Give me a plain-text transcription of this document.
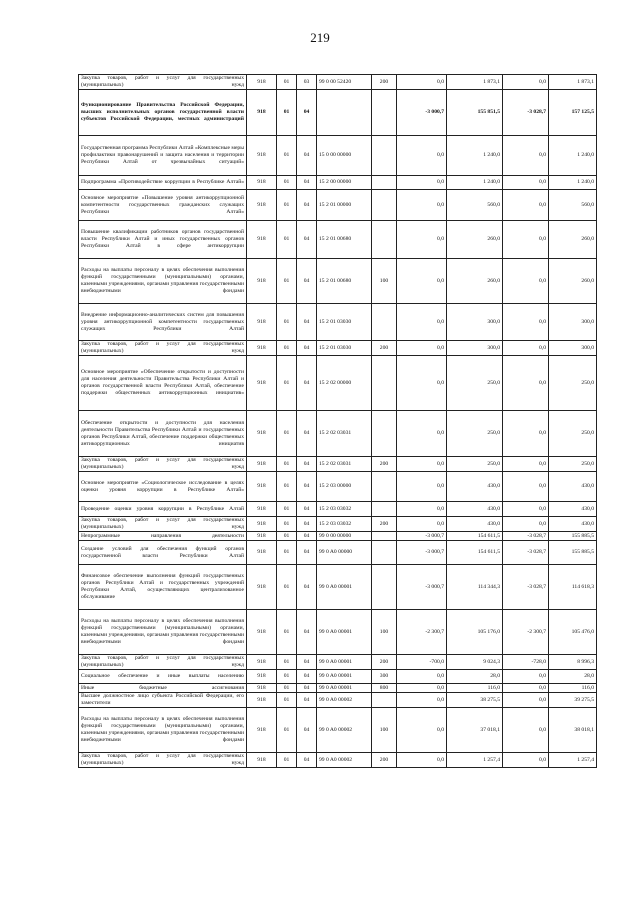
219
Закупка товаров, работ и услуг для государственных (муниципальных) нужд	918	01	03	99 0 00 52420	200	0,0	1 873,1	0,0	1 873,1
Функционирование Правительства Российской Федерации, высших исполнительных органов государственной власти субъектов Российской Федерации, местных администраций	918	01	04			-3 000,7	155 851,5	-3 028,7	157 125,5
Государственная программа Республики Алтай «Комплексные меры профилактики правонарушений и защита населения и территории Республики Алтай от чрезвычайных ситуаций»	918	01	04	15 0 00 00000		0,0	1 240,0	0,0	1 240,0
Подпрограмма «Противодействие коррупции в Республике Алтай»	918	01	04	15 2 00 00000		0,0	1 240,0	0,0	1 240,0
Основное мероприятие «Повышение уровня антикоррупционной компетентности государственных гражданских служащих Республики Алтай»	918	01	04	15 2 01 00000		0,0	560,0	0,0	560,0
Повышение квалификации работников органов государственной власти Республики Алтай и иных государственных органов Республики Алтай в сфере антикоррупции	918	01	04	15 2 01 00680		0,0	260,0	0,0	260,0
Расходы на выплаты персоналу в целях обеспечения выполнения функций государственными (муниципальными) органами, казенными учреждениями, органами управления государственными внебюджетными фондами	918	01	04	15 2 01 00680	100	0,0	260,0	0,0	260,0
Внедрение информационно-аналитических систем для повышения уровня антикоррупционной компетентности государственных служащих Республики Алтай	918	01	04	15 2 01 03030		0,0	300,0	0,0	300,0
Закупка товаров, работ и услуг для государственных (муниципальных) нужд	918	01	04	15 2 01 03030	200	0,0	300,0	0,0	300,0
Основное мероприятие «Обеспечение открытости и доступности для населения деятельности Правительства Республики Алтай и органов государственной власти Республики Алтай, обеспечение поддержки общественных антикоррупционных инициатив»	918	01	04	15 2 02 00000		0,0	250,0	0,0	250,0
Обеспечение открытости и доступности для населения деятельности Правительства Республики Алтай и государственных органов Республики Алтай, обеспечение поддержки общественных антикоррупционных инициатив	918	01	04	15 2 02 03031		0,0	250,0	0,0	250,0
Закупка товаров, работ и услуг для государственных (муниципальных) нужд	918	01	04	15 2 02 03031	200	0,0	250,0	0,0	250,0
Основное мероприятие «Социологическое исследование в целях оценки уровня коррупции в Республике Алтай»	918	01	04	15 2 03 00000		0,0	430,0	0,0	430,0
Проведение оценки уровня коррупции в Республике Алтай	918	01	04	15 2 03 03032		0,0	430,0	0,0	430,0
Закупка товаров, работ и услуг для государственных (муниципальных) нужд	918	01	04	15 2 03 03032	200	0,0	430,0	0,0	430,0
Непрограммные направления деятельности	918	01	04	99 0 00 00000		-3 000,7	154 611,5	-3 028,7	155 885,5
Создание условий для обеспечения функций органов государственной власти Республики Алтай	918	01	04	99 0 A0 00000		-3 000,7	154 611,5	-3 028,7	155 885,5
Финансовое обеспечение выполнения функций государственных органов Республики Алтай и государственных учреждений Республики Алтай, осуществляющих централизованное обслуживание	918	01	04	99 0 A0 00001		-3 000,7	114 344,3	-3 028,7	114 618,3
Расходы на выплаты персоналу в целях обеспечения выполнения функций государственными (муниципальными) органами, казенными учреждениями, органами управления государственными внебюджетными фондами	918	01	04	99 0 A0 00001	100	-2 300,7	105 176,0	-2 300,7	105 476,0
Закупка товаров, работ и услуг для государственных (муниципальных) нужд	918	01	04	99 0 A0 00001	200	-700,0	9 024,3	-728,0	8 996,3
Социальное обеспечение и иные выплаты населению	918	01	04	99 0 A0 00001	300	0,0	28,0	0,0	28,0
Иные бюджетные ассигнования	918	01	04	99 0 A0 00001	800	0,0	116,0	0,0	116,0
Высшее должностное лицо субъекта Российской Федерации, его заместители	918	01	04	99 0 A0 00002		0,0	38 275,5	0,0	39 275,5
Расходы на выплаты персоналу в целях обеспечения выполнения функций государственными (муниципальными) органами, казенными учреждениями, органами управления государственными внебюджетными фондами	918	01	04	99 0 A0 00002	100	0,0	37 018,1	0,0	38 018,1
Закупка товаров, работ и услуг для государственных (муниципальных) нужд	918	01	04	99 0 A0 00002	200	0,0	1 257,4	0,0	1 257,4
